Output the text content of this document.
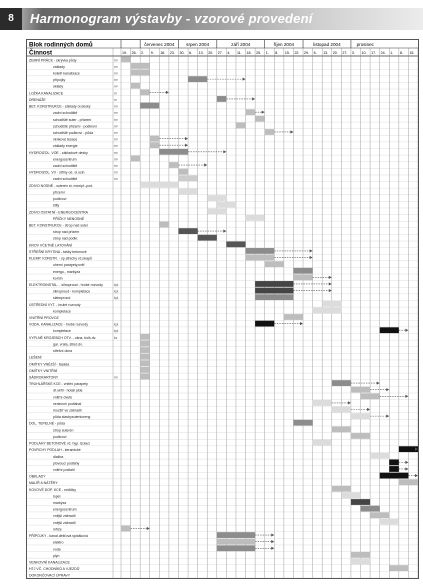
8	Harmonogram výstavby - vzorové provedení
Blok rodinných domů
Činnost
červenec 2004	srpen 2004	září 2004	říjen 2004	listopad 2004	prosinec
19. 26. 2. 9. 16. 23. 30. 6. 13. 20. 27. 4. 11. 18. 25. 1. 8. 15. 22. 29. 6. 13. 20. 27. 3. 10. 17. 24. 1. 8. 15.
ZEMNÍ PRÁCE - skrývka půdy	m³
základy	m³
kotelň kanalizace	m³
přípojky	m³
úklady	m³
LOŽKA KANALIZACE	m
DRENÁŽE	m
BET. KONSTRUKCE - základy ol.desky	m³
zadní schodiště	m³
schodiště suter - přízemí	m³
schodiště přízemí - podkroví	m³
schodiště podkroví - půda	m³
věnkové tesace	m³
základy energie	m³
HYDROIZOL. VOE - základové desky	m²
energocentrum	m²
zadní schodiště	m²
HYDROIZOL. VV - střiny od. ol.ocin	m²
zadní schodiště	m²
ZDIVO NOSNÉ - suterén st. mezipř.-pod.
přízemí
podkroví
štity
ZDIVO OSTATNÍ - ENERGOCENTRA
PŘÍČKY NENOSNÉ
BET. KONSTRUKCE - strop nad suter
strop nad přízem
strop nad podkr.
KROV VČETNĚ LATOVÁNÍ
STŘEŠNÍ KRYTINA - tašky betonové
KLEMP. KONSTR. - sp.střechy vč.okapů
oherní parapety,svěl
energo., markýza
komín
ELEKTROINSTAL. - silnoproud - hrubé rozvody	kpl.
silnoproud - kompletace	kpl.
slaboproud	kpl.
ÚSTŘEDNÍ VYT. - hrubé rozvody
kompletace
VNITŘNÍ PROVOZ
VODA, KANALIZACE - hrubé rozvody	kpl.
kompletace	kpl.
VYPLNĚ KROJEBCH OTV. - okna, bulk.dv.	ks
gar. vrata, střed.dv.
střešní okna
LEŠENÍ
OMÍTKY VNĚJŠÍ - fasáda
OMÍTKY VNITŘNÍ
SÁDROKARTONY	m²
TRUHLÁŘSKÉ KCE - vnitřní parapety
dř.okřil - hotaii plde
vnitřní dveře
venkovní podlahal
mozšíř ve zábradlí
půda stavbysuterkoreng
DOL. TEPELNÉ - půda
strop suterén
podkroví
PODLAHY BETONOVÉ vč. hyp. izolací
POVRCHY PODLAH - keramické
dlažba
plovoucí podlahy
vnitřní podlahi
OBKLADY
MALÍŘ A NÁTĚRY
KOVOVÉ DOP. KCE - roštičky
lopel
markýza
energocentrum
vnější zábradlí
vnější zábradlí
mříže
PŘÍPOJKY - kanal.dešťová splašková
elektro
voda
plyn
VENKOVNÍ KANALIZACE
HTJ VČ. CHODNÍKŮ A VJEZDŮ
DOKONČOVACÍ ÚPRAVY
